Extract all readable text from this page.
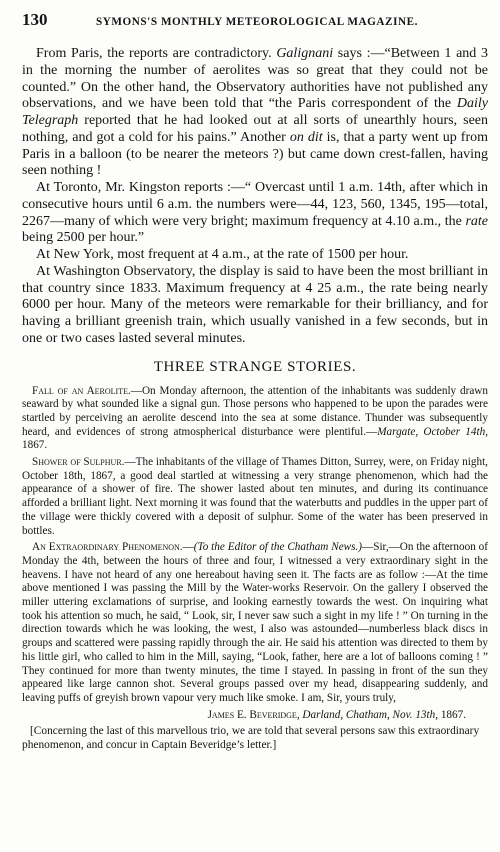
130	SYMONS'S MONTHLY METEOROLOGICAL MAGAZINE.

From Paris, the reports are contradictory. Galignani says :—“Between 1 and 3 in the morning the number of aerolites was so great that they could not be counted.” On the other hand, the Observatory authorities have not published any observations, and we have been told that “the Paris correspondent of the Daily Telegraph reported that he had looked out at all sorts of unearthly hours, seen nothing, and got a cold for his pains.” Another on dit is, that a party went up from Paris in a balloon (to be nearer the meteors ?) but came down crest-fallen, having seen nothing !

At Toronto, Mr. Kingston reports :—“ Overcast until 1 a.m. 14th, after which in consecutive hours until 6 a.m. the numbers were—44, 123, 560, 1345, 195—total, 2267—many of which were very bright; maximum frequency at 4.10 a.m., the rate being 2500 per hour.”

At New York, most frequent at 4 a.m., at the rate of 1500 per hour.

At Washington Observatory, the display is said to have been the most brilliant in that country since 1833. Maximum frequency at 4 25 a.m., the rate being nearly 6000 per hour. Many of the meteors were remarkable for their brilliancy, and for having a brilliant greenish train, which usually vanished in a few seconds, but in one or two cases lasted several minutes.

THREE STRANGE STORIES.

Fall of an Aerolite.—On Monday afternoon, the attention of the inhabitants was suddenly drawn seaward by what sounded like a signal gun. Those persons who happened to be upon the parades were startled by perceiving an aerolite descend into the sea at some distance. Thunder was subsequently heard, and evidences of strong atmospherical disturbance were plentiful.—Margate, October 14th, 1867.

Shower of Sulphur.—The inhabitants of the village of Thames Ditton, Surrey, were, on Friday night, October 18th, 1867, a good deal startled at witnessing a very strange phenomenon, which had the appearance of a shower of fire. The shower lasted about ten minutes, and during its continuance afforded a brilliant light. Next morning it was found that the waterbutts and puddles in the upper part of the village were thickly covered with a deposit of sulphur. Some of the water has been preserved in bottles.

An Extraordinary Phenomenon.—(To the Editor of the Chatham News.)—Sir,—On the afternoon of Monday the 4th, between the hours of three and four, I witnessed a very extraordinary sight in the heavens. I have not heard of any one hereabout having seen it. The facts are as follow :—At the time above mentioned I was passing the Mill by the Water-works Reservoir. On the gallery I observed the miller uttering exclamations of surprise, and looking earnestly towards the west. On inquiring what took his attention so much, he said, “ Look, sir, I never saw such a sight in my life ! ” On turning in the direction towards which he was looking, the west, I also was astounded—numberless black discs in groups and scattered were passing rapidly through the air. He said his attention was directed to them by his little girl, who called to him in the Mill, saying, “Look, father, here are a lot of balloons coming ! ” They continued for more than twenty minutes, the time I stayed. In passing in front of the sun they appeared like large cannon shot. Several groups passed over my head, disappearing suddenly, and leaving puffs of greyish brown vapour very much like smoke. I am, Sir, yours truly,

James E. Beveridge, Darland, Chatham, Nov. 13th, 1867.

[Concerning the last of this marvellous trio, we are told that several persons saw this extraordinary phenomenon, and concur in Captain Beveridge’s letter.]
